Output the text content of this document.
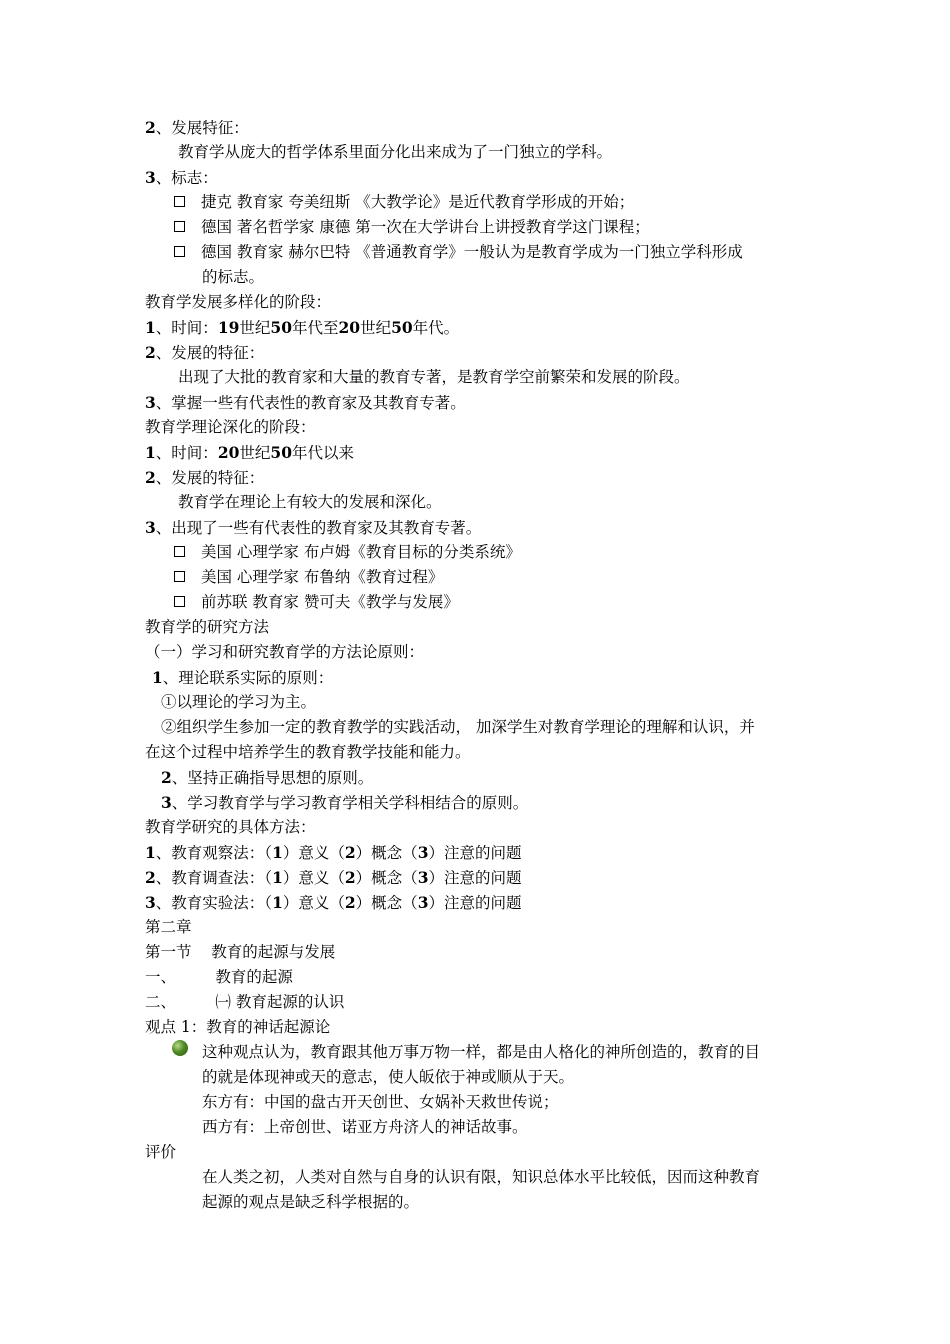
2、发展特征：
教育学从庞大的哲学体系里面分化出来成为了一门独立的学科。
3、标志：
捷克 教育家 夸美纽斯 《大教学论》是近代教育学形成的开始；
德国 著名哲学家 康德 第一次在大学讲台上讲授教育学这门课程；
德国 教育家 赫尔巴特 《普通教育学》一般认为是教育学成为一门独立学科形成
的标志。
教育学发展多样化的阶段：
1、时间：19世纪50年代至20世纪50年代。
2、发展的特征：
出现了大批的教育家和大量的教育专著，是教育学空前繁荣和发展的阶段。
3、掌握一些有代表性的教育家及其教育专著。
教育学理论深化的阶段：
1、时间：20世纪50年代以来
2、发展的特征：
教育学在理论上有较大的发展和深化。
3、出现了一些有代表性的教育家及其教育专著。
美国 心理学家 布卢姆《教育目标的分类系统》
美国 心理学家 布鲁纳《教育过程》
前苏联 教育家 赞可夫《教学与发展》
教育学的研究方法
（一）学习和研究教育学的方法论原则：
1、理论联系实际的原则：
①以理论的学习为主。
②组织学生参加一定的教育教学的实践活动， 加深学生对教育学理论的理解和认识，并
在这个过程中培养学生的教育教学技能和能力。
2、坚持正确指导思想的原则。
3、学习教育学与学习教育学相关学科相结合的原则。
教育学研究的具体方法：
1、教育观察法：（1）意义（2）概念（3）注意的问题
2、教育调查法：（1）意义（2）概念（3）注意的问题
3、教育实验法：（1）意义（2）概念（3）注意的问题
第二章
第一节    教育的起源与发展
一、        教育的起源
二、        ㈠ 教育起源的认识
观点 1：教育的神话起源论
这种观点认为，教育跟其他万事万物一样，都是由人格化的神所创造的，教育的目
的就是体现神或天的意志，使人皈依于神或顺从于天。
东方有：中国的盘古开天创世、女娲补天救世传说；
西方有：上帝创世、诺亚方舟济人的神话故事。
评价
在人类之初，人类对自然与自身的认识有限，知识总体水平比较低，因而这种教育
起源的观点是缺乏科学根据的。
